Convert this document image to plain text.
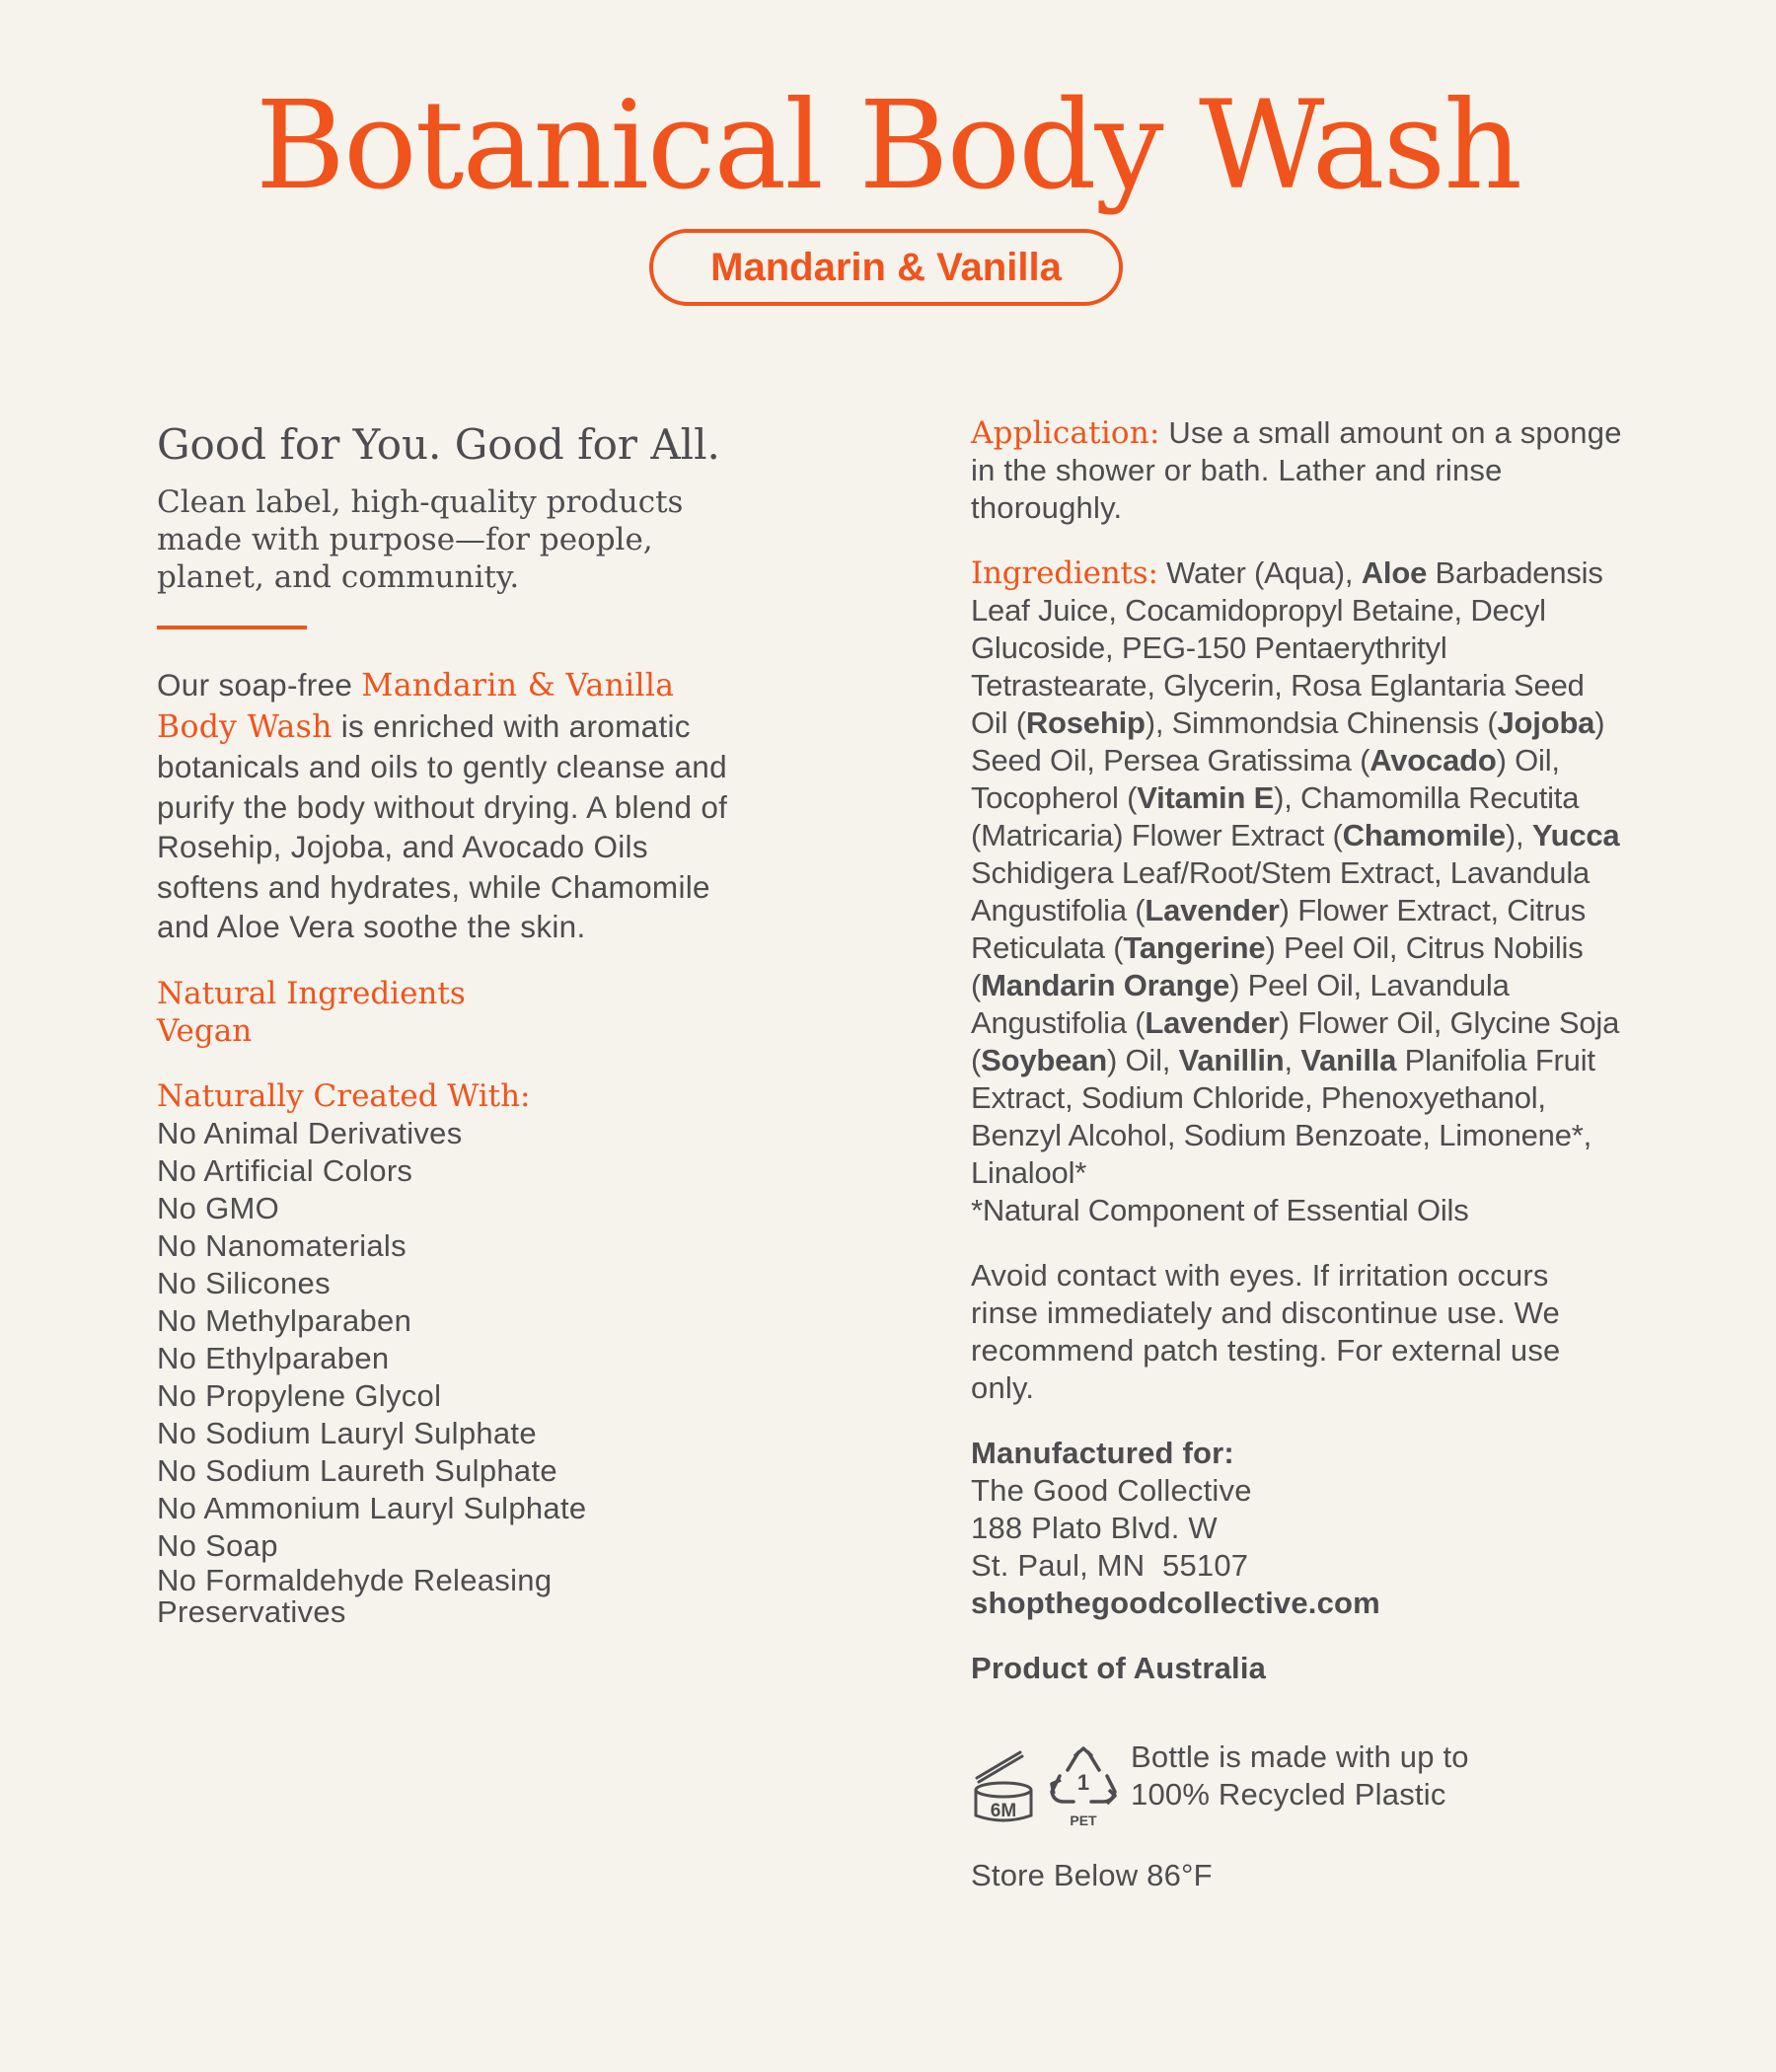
Botanical Body Wash
Mandarin & Vanilla
Good for You. Good for All.

Clean label, high-quality products made with purpose—for people, planet, and community.

Our soap-free Mandarin & Vanilla Body Wash is enriched with aromatic botanicals and oils to gently cleanse and purify the body without drying. A blend of Rosehip, Jojoba, and Avocado Oils softens and hydrates, while Chamomile and Aloe Vera soothe the skin.

Natural Ingredients
Vegan
Naturally Created With:
No Animal Derivatives
No Artificial Colors
No GMO
No Nanomaterials
No Silicones
No Methylparaben
No Ethylparaben
No Propylene Glycol
No Sodium Lauryl Sulphate
No Sodium Laureth Sulphate
No Ammonium Lauryl Sulphate
No Soap
No Formaldehyde Releasing Preservatives

Application: Use a small amount on a sponge in the shower or bath. Lather and rinse thoroughly.

Ingredients: Water (Aqua), Aloe Barbadensis Leaf Juice, Cocamidopropyl Betaine, Decyl Glucoside, PEG-150 Pentaerythrityl Tetrastearate, Glycerin, Rosa Eglantaria Seed Oil (Rosehip), Simmondsia Chinensis (Jojoba) Seed Oil, Persea Gratissima (Avocado) Oil, Tocopherol (Vitamin E), Chamomilla Recutita (Matricaria) Flower Extract (Chamomile), Yucca Schidigera Leaf/Root/Stem Extract, Lavandula Angustifolia (Lavender) Flower Extract, Citrus Reticulata (Tangerine) Peel Oil, Citrus Nobilis (Mandarin Orange) Peel Oil, Lavandula Angustifolia (Lavender) Flower Oil, Glycine Soja (Soybean) Oil, Vanillin, Vanilla Planifolia Fruit Extract, Sodium Chloride, Phenoxyethanol, Benzyl Alcohol, Sodium Benzoate, Limonene*, Linalool*
*Natural Component of Essential Oils

Avoid contact with eyes. If irritation occurs rinse immediately and discontinue use. We recommend patch testing. For external use only.

Manufactured for:
The Good Collective
188 Plato Blvd. W
St. Paul, MN  55107
shopthegoodcollective.com
Product of Australia
6M
1
PET
Bottle is made with up to 100% Recycled Plastic
Store Below 86°F
